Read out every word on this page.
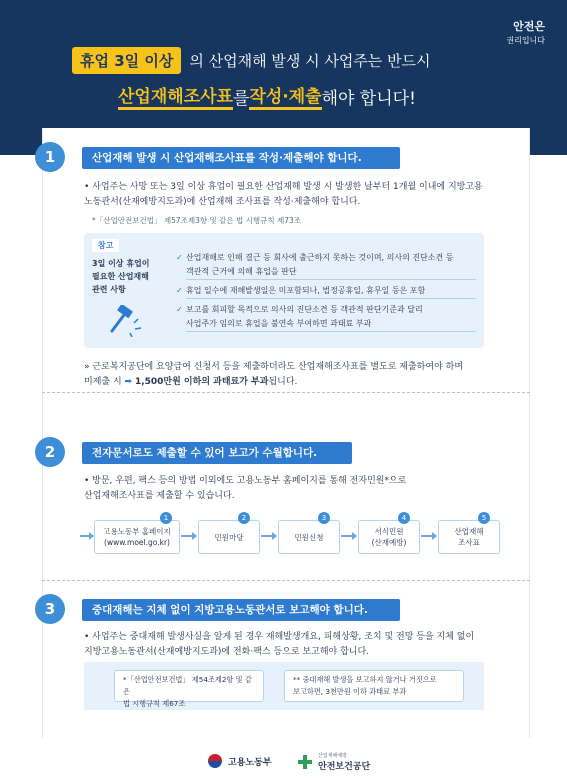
안전은
권리입니다
휴업 3일 이상	의 산업재해 발생 시 사업주는 반드시
산업재해조사표 를 작성·제출 해야 합니다!
1	산업재해 발생 시 산업재해조사표를 작성·제출해야 합니다.
• 사업주는 사망 또는 3일 이상 휴업이 필요한 산업재해 발생 시 발생한 날부터 1개월 이내에 지방고용
노동관서(산재예방지도과)에 산업재해 조사표를 작성·제출해야 합니다.
*「산업안전보건법」 제57조제3항 및 같은 법 시행규칙 제73조
참고
3일 이상 휴업이
필요한 산업재해
관련 사항
✓ 산업재해로 인해 결근 등 회사에 출근하지 못하는 것이며, 의사의 진단소견 등
객관적 근거에 의해 휴업을 판단
✓ 휴업 일수에 재해발생일은 미포함되나, 법정공휴일, 휴무일 등은 포함
✓ 보고를 회피할 목적으로 의사의 진단소견 등 객관적 판단기준과 달리
사업주가 임의로 휴업을 불연속 부여하면 과태료 부과
» 근로복지공단에 요양급여 신청서 등을 제출하더라도 산업재해조사표를 별도로 제출하여야 하며
미제출 시 ➡ 1,500만원 이하의 과태료가 부과됩니다.
2	전자문서로도 제출할 수 있어 보고가 수월합니다.
• 방문, 우편, 팩스 등의 방법 이외에도 고용노동부 홈페이지를 통해 전자민원*으로
산업재해조사표를 제출할 수 있습니다.
고용노동부 홈페이지
(www.moel.go.kr)
1
민원마당
2
민원신청
3
서식민원
(산재예방)
4
산업재해
조사표
5
3	중대재해는 지체 없이 지방고용노동관서로 보고해야 합니다.
• 사업주는 중대재해 발생사실을 알게 된 경우 재해발생개요, 피해상황, 조치 및 전망 등을 지체 없이
지방고용노동관서(산재예방지도과)에 전화·팩스 등으로 보고해야 합니다.
*「산업안전보건법」 제54조제2항 및 같은
법 시행규칙 제67조
** 중대재해 발생을 보고하지 않거나 거짓으로
보고하면, 3천만원 이하 과태료 부과
고용노동부
산업재해예방
안전보건공단
